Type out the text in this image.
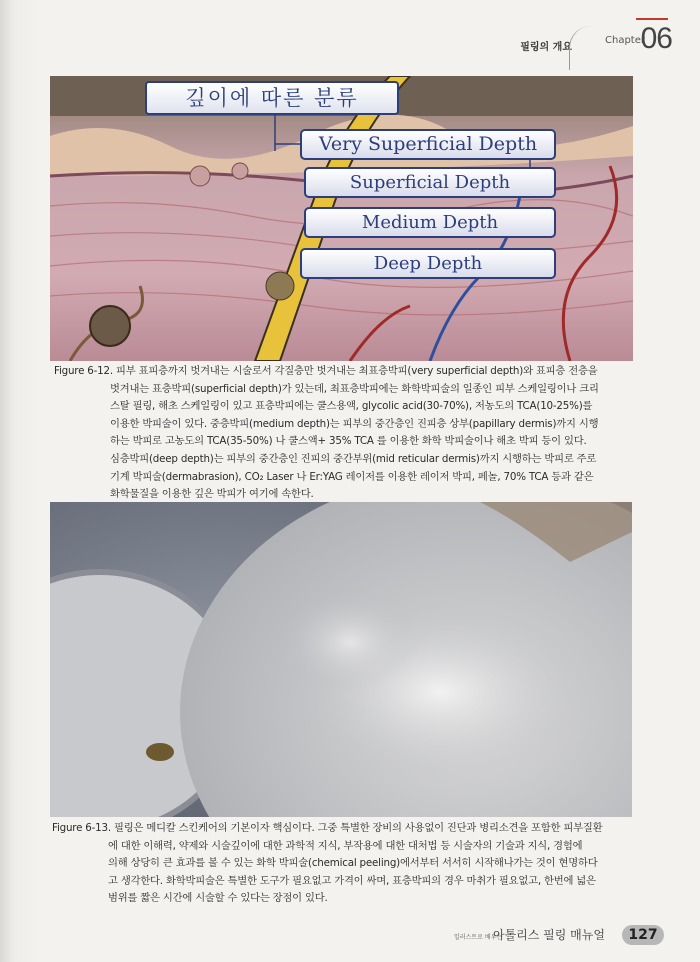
필링의 개요
Chapter
06
깊이에 따른 분류
Very Superficial Depth
Superficial Depth
Medium Depth
Deep Depth
Figure 6-12. 피부 표피층까지 벗겨내는 시술로서 각질층만 벗겨내는 최표층박피(very superficial depth)와 표피층 전층을
벗겨내는 표층박피(superficial depth)가 있는데, 최표층박피에는 화학박피술의 일종인 피부 스케일링이나 크리
스탈 필링, 해초 스케일링이 있고 표층박피에는 쿨스용액, glycolic acid(30-70%), 저농도의 TCA(10-25%)를
이용한 박피술이 있다. 중층박피(medium depth)는 피부의 중간층인 진피층 상부(papillary dermis)까지 시행
하는 박피로 고농도의 TCA(35-50%) 나 쿨스액+ 35% TCA 를 이용한 화학 박피술이나 해초 박피 등이 있다.
심층박피(deep depth)는 피부의 중간층인 진피의 중간부위(mid reticular dermis)까지 시행하는 박피로 주로
기계 박피술(dermabrasion), CO₂ Laser 나 Er:YAG 레이저를 이용한 레이저 박피, 페놀, 70% TCA 등과 같은
화학물질을 이용한 깊은 박피가 여기에 속한다.
Figure 6-13. 필링은 메디칼 스킨케어의 기본이자 핵심이다. 그중 특별한 장비의 사용없이 진단과 병리소견을 포함한 피부질환
에 대한 이해력, 약제와 시술깊이에 대한 과학적 지식, 부작용에 대한 대처법 등 시술자의 기술과 지식, 경험에
의해 상당히 큰 효과를 볼 수 있는 화학 박피술(chemical peeling)에서부터 서서히 시작해나가는 것이 현명하다
고 생각한다. 화학박피술은 특별한 도구가 필요없고 가격이 싸며, 표층박피의 경우 마취가 필요없고, 한번에 넓은
범위를 짧은 시간에 시술할 수 있다는 장점이 있다.
일러스트로 배우는
아톨리스 필링 매뉴얼	127
